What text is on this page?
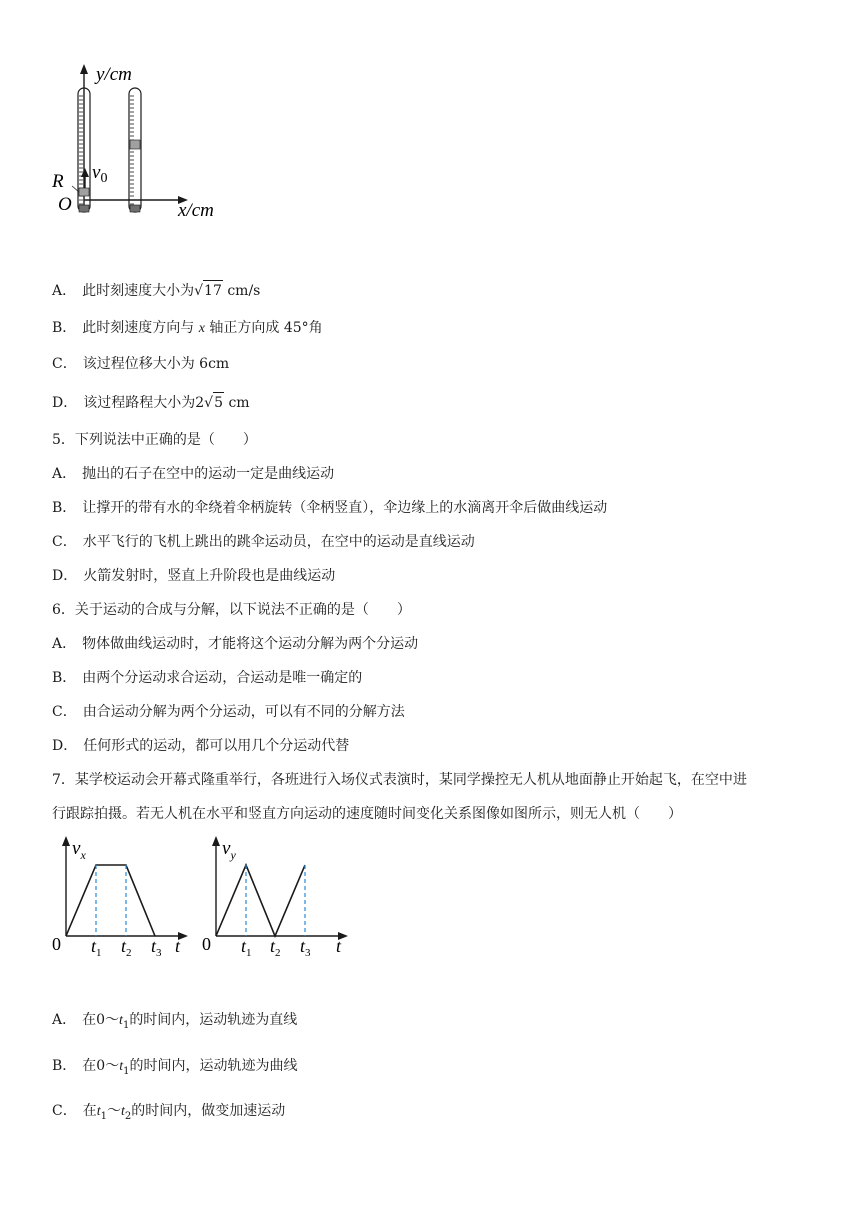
y/cm
x/cm
O
R $v_0$
A． 此时刻速度大小为√17 cm/s
B． 此时刻速度方向与 x 轴正方向成 45°角
C． 该过程位移大小为 6cm
D． 该过程路程大小为2√5 cm
5．下列说法中正确的是（　　）
A． 抛出的石子在空中的运动一定是曲线运动
B． 让撑开的带有水的伞绕着伞柄旋转（伞柄竖直），伞边缘上的水滴离开伞后做曲线运动
C． 水平飞行的飞机上跳出的跳伞运动员，在空中的运动是直线运动
D． 火箭发射时，竖直上升阶段也是曲线运动
6．关于运动的合成与分解，以下说法不正确的是（　　）
A． 物体做曲线运动时，才能将这个运动分解为两个分运动
B． 由两个分运动求合运动，合运动是唯一确定的
C． 由合运动分解为两个分运动，可以有不同的分解方法
D． 任何形式的运动，都可以用几个分运动代替
7．某学校运动会开幕式隆重举行，各班进行入场仪式表演时，某同学操控无人机从地面静止开始起飞，在空中进
行跟踪拍摄。若无人机在水平和竖直方向运动的速度随时间变化关系图像如图所示，则无人机（　　）
$v_x$
0 $t_1$ $t_2$ $t_3$ t
$v_y$
0 $t_1$ $t_2$ $t_3$ t
A． 在$0\sim t_1$的时间内，运动轨迹为直线
B． 在$0\sim t_1$的时间内，运动轨迹为曲线
C． 在$t_1\sim t_2$的时间内，做变加速运动
